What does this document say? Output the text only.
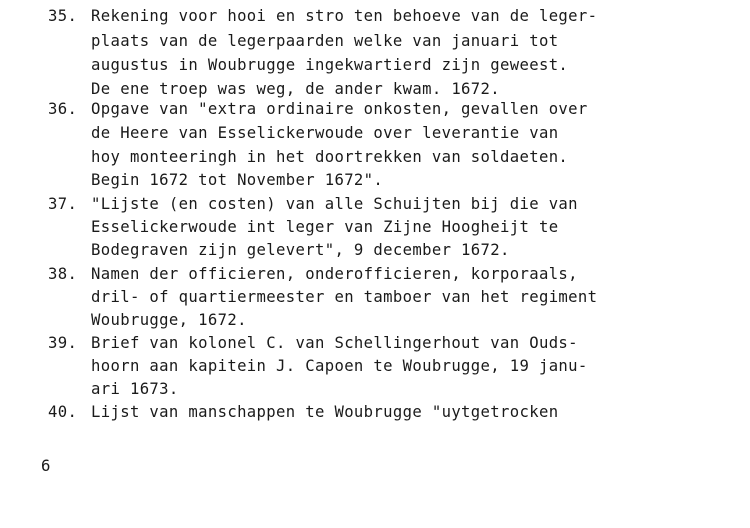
35. Rekening voor hooi en stro ten behoeve van de leger-
plaats van de legerpaarden welke van januari tot
augustus in Woubrugge ingekwartierd zijn geweest.
De ene troep was weg, de ander kwam. 1672.
36. Opgave van "extra ordinaire onkosten, gevallen over
de Heere van Esselickerwoude over leverantie van
hoy monteeringh in het doortrekken van soldaeten.
Begin 1672 tot November 1672".
37. "Lijste (en costen) van alle Schuijten bij die van
Esselickerwoude int leger van Zijne Hoogheijt te
Bodegraven zijn gelevert", 9 december 1672.
38. Namen der officieren, onderofficieren, korporaals,
dril- of quartiermeester en tamboer van het regiment
Woubrugge, 1672.
39. Brief van kolonel C. van Schellingerhout van Ouds-
hoorn aan kapitein J. Capoen te Woubrugge, 19 janu-
ari 1673.
40. Lijst van manschappen te Woubrugge "uytgetrocken
6
